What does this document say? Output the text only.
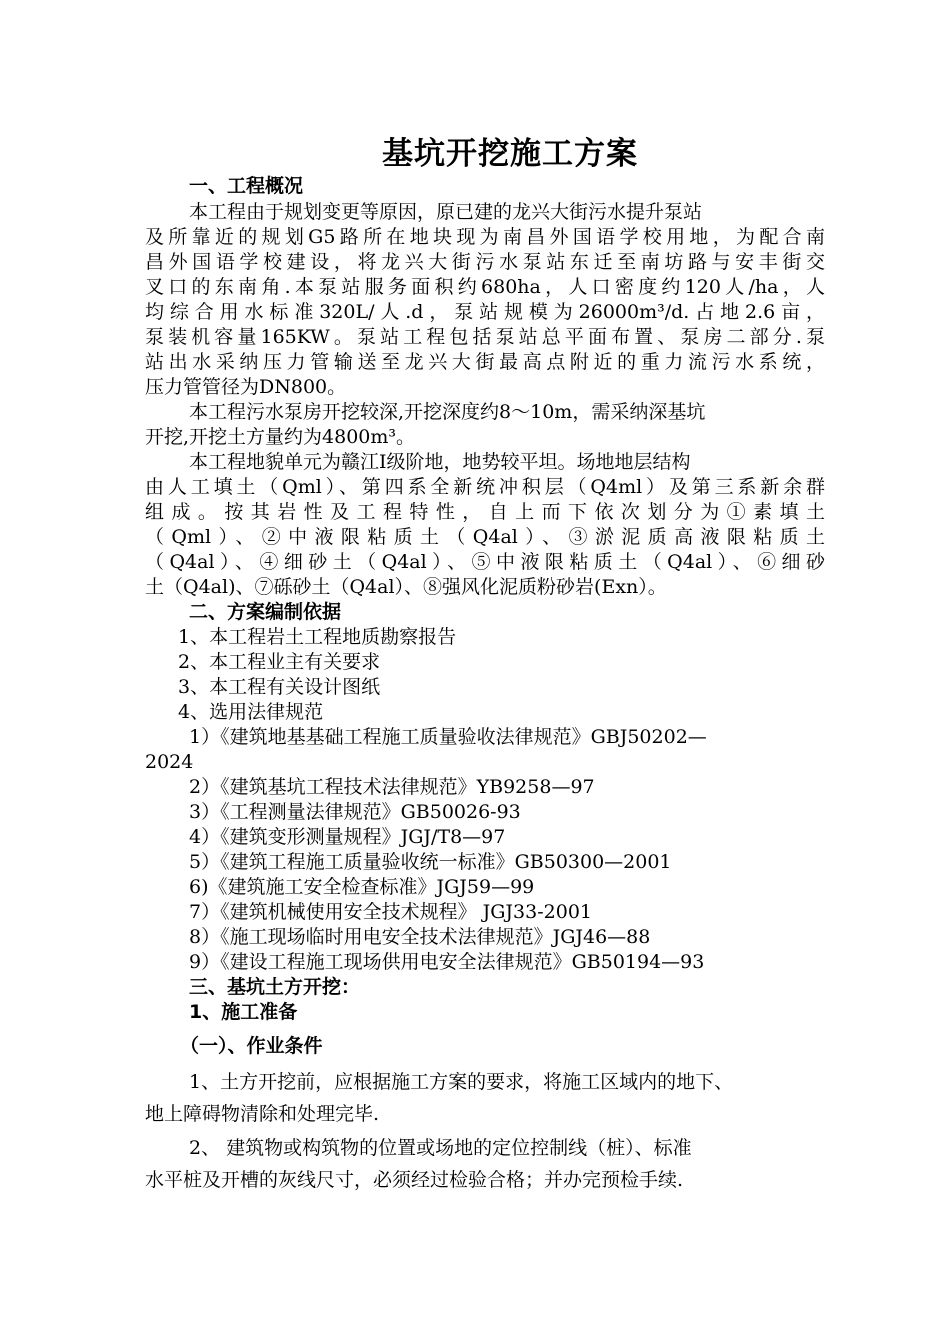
基坑开挖施工方案
一、工程概况
本工程由于规划变更等原因，原已建的龙兴大街污水提升泵站
及所靠近的规划G5路所在地块现为南昌外国语学校用地，为配合南
昌外国语学校建设，将龙兴大街污水泵站东迁至南坊路与安丰街交
叉口的东南角.本泵站服务面积约680ha，人口密度约120人/ha，人
均综合用水标准320L/人.d，泵站规模为26000m³/d.占地2.6亩，
泵装机容量165KW。泵站工程包括泵站总平面布置、泵房二部分.泵
站出水采纳压力管输送至龙兴大街最高点附近的重力流污水系统，
压力管管径为DN800。
本工程污水泵房开挖较深,开挖深度约8～10m，需采纳深基坑
开挖,开挖土方量约为4800m³。
本工程地貌单元为赣江Ⅰ级阶地，地势较平坦。场地地层结构
由人工填土（Qml）、第四系全新统冲积层（Q4ml）及第三系新余群
组成。按其岩性及工程特性，自上而下依次划分为①素填土
（Qml）、②中液限粘质土（Q4al）、③淤泥质高液限粘质土
（Q4al）、④细砂土（Q4al）、⑤中液限粘质土（Q4al）、⑥细砂
土（Q4al)、⑦砾砂土（Q4al）、⑧强风化泥质粉砂岩(Exn）。
二、方案编制依据
1、本工程岩土工程地质勘察报告
2、本工程业主有关要求
3、本工程有关设计图纸
4、选用法律规范
1）《建筑地基基础工程施工质量验收法律规范》GBJ50202—
2024
2）《建筑基坑工程技术法律规范》YB9258—97
3）《工程测量法律规范》GB50026-93
4）《建筑变形测量规程》JGJ/T8—97
5）《建筑工程施工质量验收统一标准》GB50300—2001
6)《建筑施工安全检查标准》JGJ59—99
7）《建筑机械使用安全技术规程》 JGJ33-2001
8）《施工现场临时用电安全技术法律规范》JGJ46—88
9）《建设工程施工现场供用电安全法律规范》GB50194—93
三、基坑土方开挖：
1、施工准备
（一）、作业条件
1、土方开挖前，应根据施工方案的要求，将施工区域内的地下、
地上障碍物清除和处理完毕.
2、 建筑物或构筑物的位置或场地的定位控制线（桩）、标准
水平桩及开槽的灰线尺寸，必须经过检验合格；并办完预检手续.
